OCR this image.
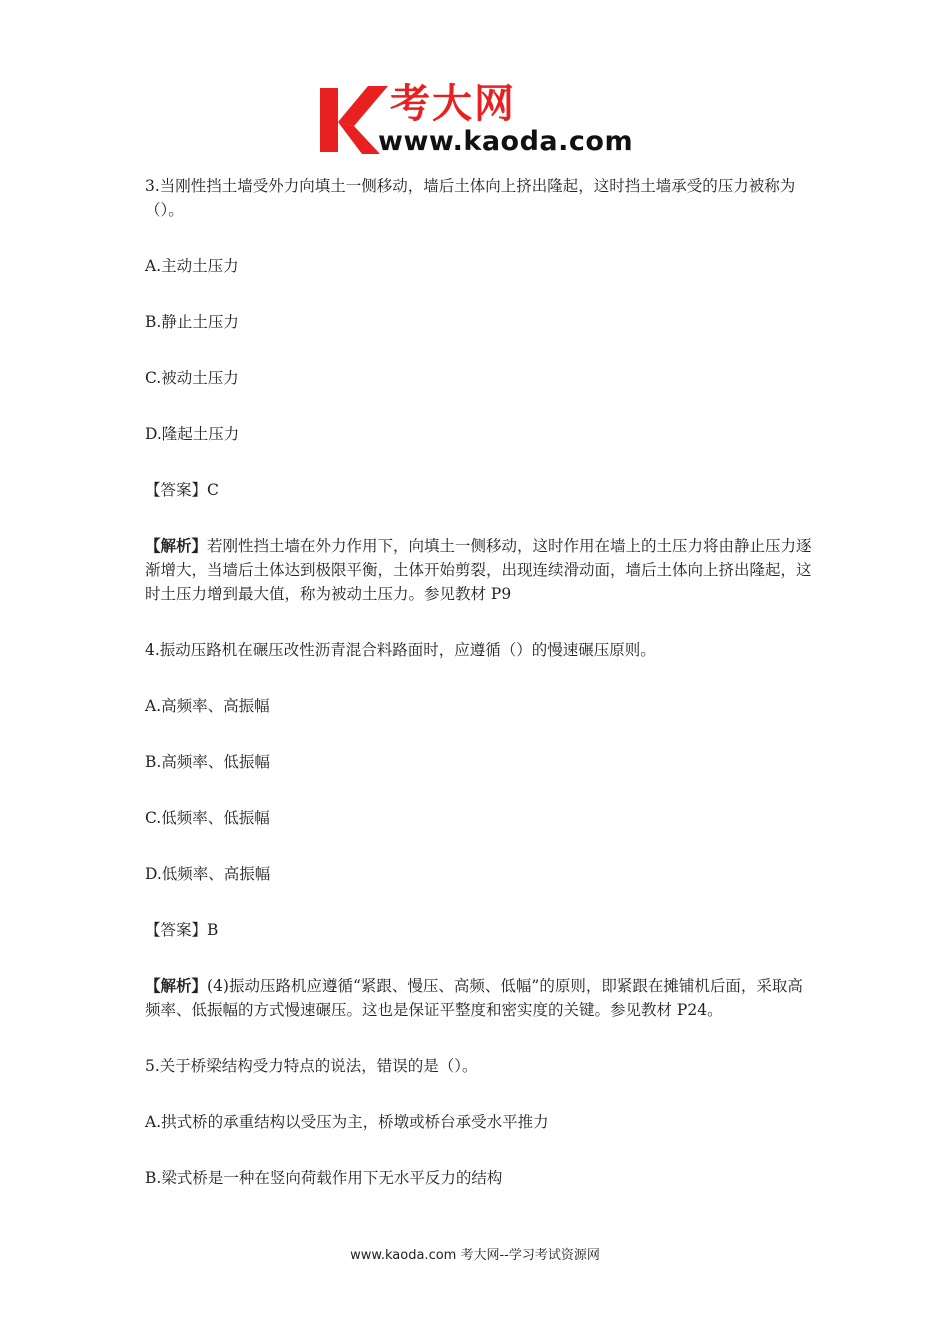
考大网
www.kaoda.com

3.当刚性挡土墙受外力向填土一侧移动，墙后土体向上挤出隆起，这时挡土墙承受的压力被称为（）。

A.主动土压力

B.静止土压力

C.被动土压力

D.隆起土压力

【答案】C

【解析】若刚性挡土墙在外力作用下，向填土一侧移动，这时作用在墙上的土压力将由静止压力逐渐增大，当墙后土体达到极限平衡，土体开始剪裂，出现连续滑动面，墙后土体向上挤出隆起，这时土压力增到最大值，称为被动土压力。参见教材 P9

4.振动压路机在碾压改性沥青混合料路面时，应遵循（）的慢速碾压原则。

A.高频率、高振幅

B.高频率、低振幅

C.低频率、低振幅

D.低频率、高振幅

【答案】B

【解析】(4)振动压路机应遵循“紧跟、慢压、高频、低幅”的原则，即紧跟在摊铺机后面，采取高频率、低振幅的方式慢速碾压。这也是保证平整度和密实度的关键。参见教材 P24。

5.关于桥梁结构受力特点的说法，错误的是（）。

A.拱式桥的承重结构以受压为主，桥墩或桥台承受水平推力

B.梁式桥是一种在竖向荷载作用下无水平反力的结构

www.kaoda.com 考大网--学习考试资源网
